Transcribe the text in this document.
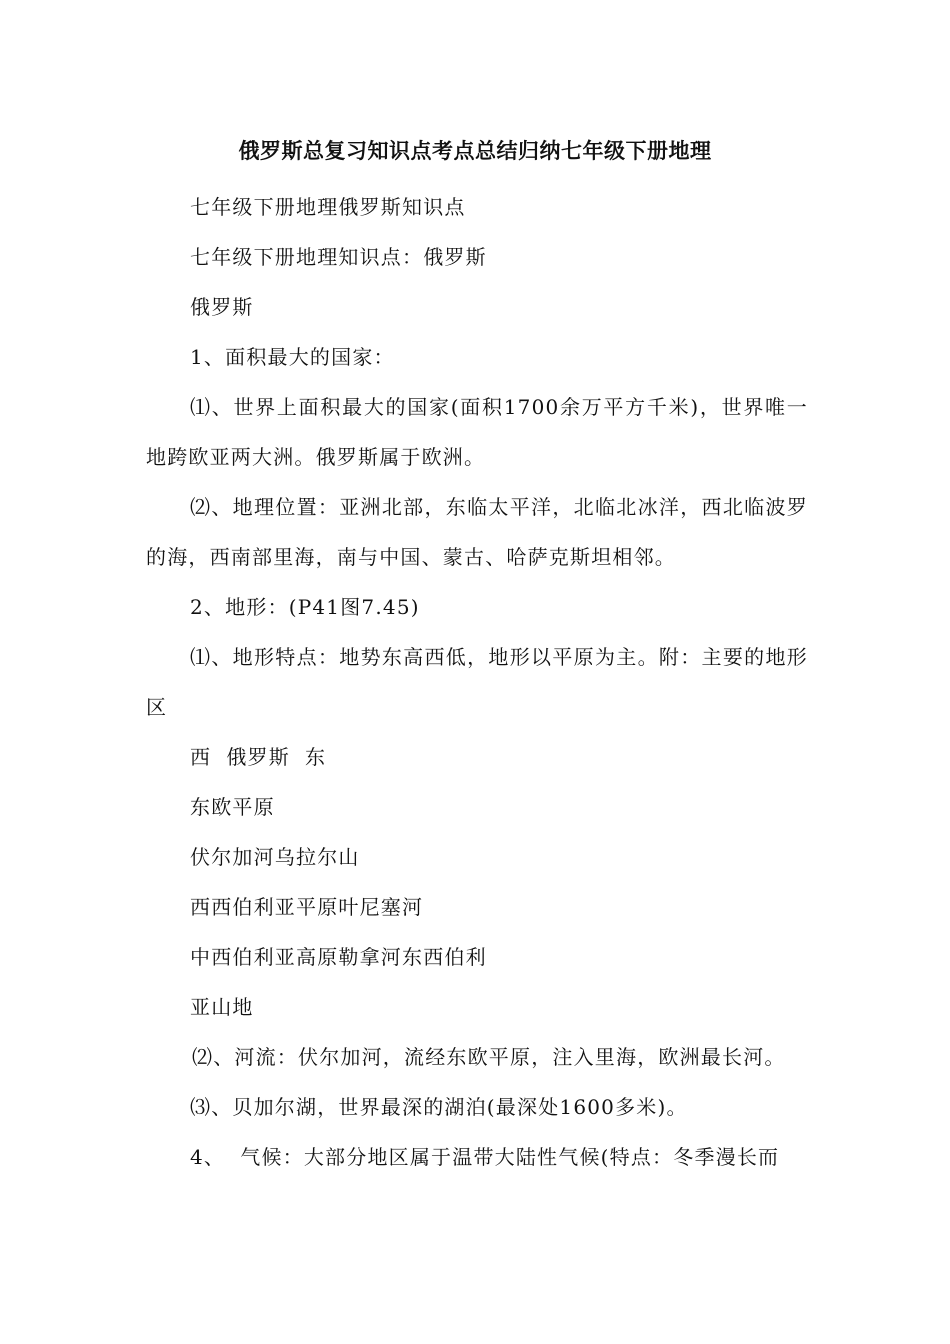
俄罗斯总复习知识点考点总结归纳七年级下册地理

七年级下册地理俄罗斯知识点

七年级下册地理知识点：俄罗斯

俄罗斯

1、面积最大的国家：

⑴、世界上面积最大的国家(面积1700余万平方千米)，世界唯一地跨欧亚两大洲。俄罗斯属于欧洲。

⑵、地理位置：亚洲北部，东临太平洋，北临北冰洋，西北临波罗的海，西南部里海，南与中国、蒙古、哈萨克斯坦相邻。

2、地形：(P41图7.45)

⑴、地形特点：地势东高西低，地形以平原为主。附：主要的地形区

西  俄罗斯  东

东欧平原

伏尔加河乌拉尔山

西西伯利亚平原叶尼塞河

中西伯利亚高原勒拿河东西伯利

亚山地

⑵、河流：伏尔加河，流经东欧平原，注入里海，欧洲最长河。

⑶、贝加尔湖，世界最深的湖泊(最深处1600多米)。

4、  气候：大部分地区属于温带大陆性气候(特点：冬季漫长而
